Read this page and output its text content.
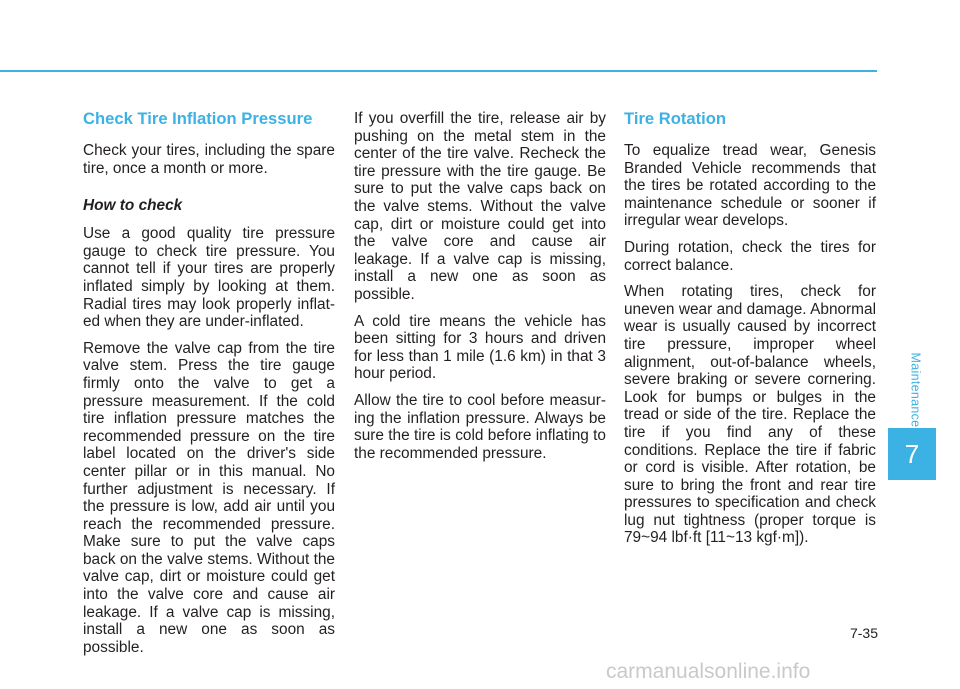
Check Tire Inflation Pressure

Check your tires, including the spare tire, once a month or more.

How to check

Use a good quality tire pressure gauge to check tire pressure. You cannot tell if your tires are properly inflated simply by looking at them. Radial tires may look properly inflated when they are under-inflated.

Remove the valve cap from the tire valve stem. Press the tire gauge firmly onto the valve to get a pressure measurement. If the cold tire inflation pressure matches the recommended pressure on the tire label located on the driver's side center pillar or in this manual. No further adjustment is necessary. If the pressure is low, add air until you reach the recommended pressure. Make sure to put the valve caps back on the valve stems. Without the valve cap, dirt or moisture could get into the valve core and cause air leakage. If a valve cap is missing, install a new one as soon as possible.

If you overfill the tire, release air by pushing on the metal stem in the center of the tire valve. Recheck the tire pressure with the tire gauge. Be sure to put the valve caps back on the valve stems. Without the valve cap, dirt or moisture could get into the valve core and cause air leakage. If a valve cap is missing, install a new one as soon as possible.

A cold tire means the vehicle has been sitting for 3 hours and driven for less than 1 mile (1.6 km) in that 3 hour period.

Allow the tire to cool before measuring the inflation pressure. Always be sure the tire is cold before inflating to the recommended pressure.

Tire Rotation

To equalize tread wear, Genesis Branded Vehicle recommends that the tires be rotated according to the maintenance schedule or sooner if irregular wear develops.

During rotation, check the tires for correct balance.

When rotating tires, check for uneven wear and damage. Abnormal wear is usually caused by incorrect tire pressure, improper wheel alignment, out-of-balance wheels, severe braking or severe cornering. Look for bumps or bulges in the tread or side of the tire. Replace the tire if you find any of these conditions. Replace the tire if fabric or cord is visible. After rotation, be sure to bring the front and rear tire pressures to specification and check lug nut tightness (proper torque is 79~94 lbf·ft [11~13 kgf·m]).

Maintenance
7
7-35
carmanualsonline.info
